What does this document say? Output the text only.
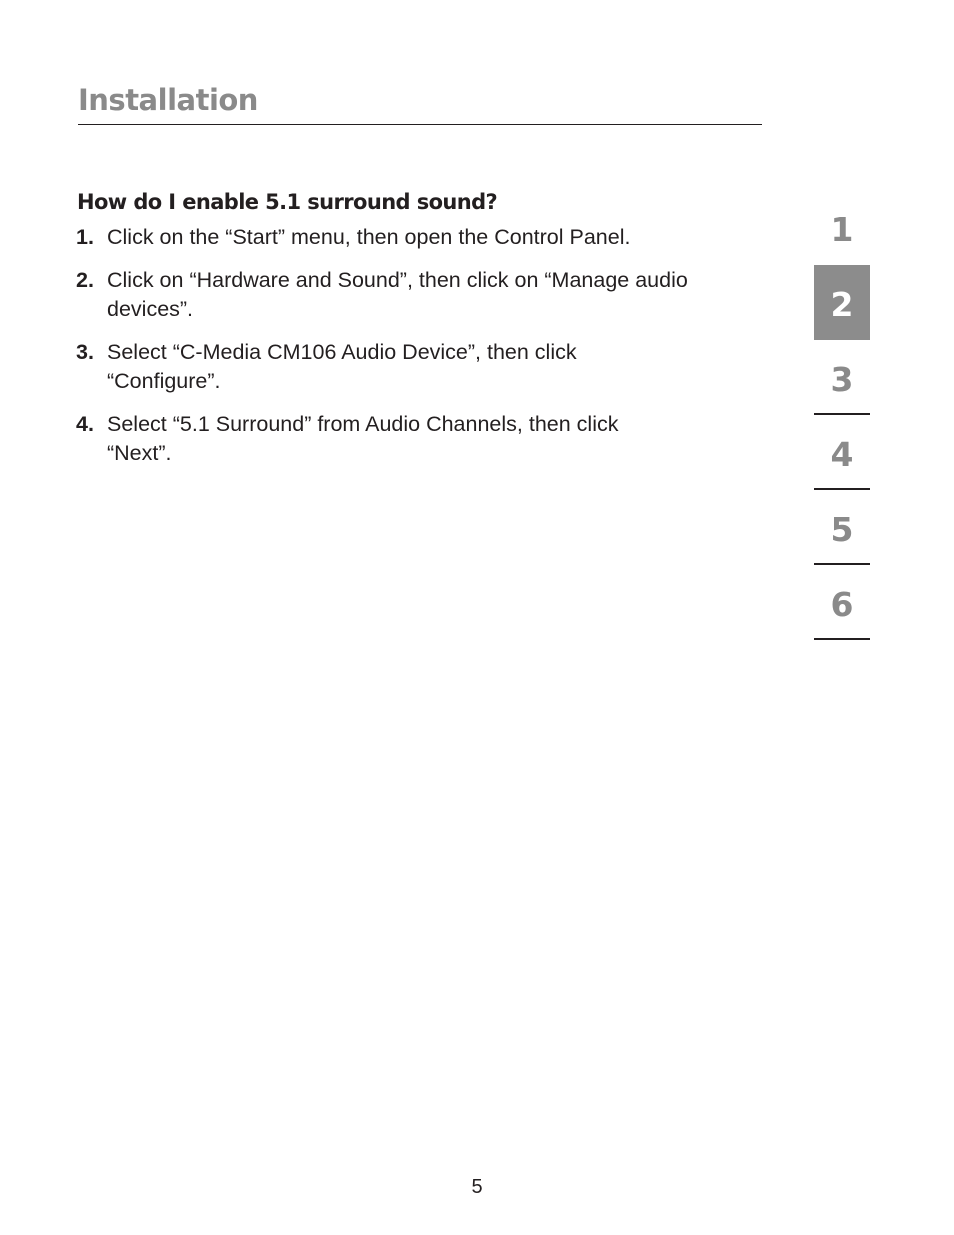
Installation
How do I enable 5.1 surround sound?
1. Click on the “Start” menu, then open the Control Panel.
2. Click on “Hardware and Sound”, then click on “Manage audio devices”.
3. Select “C-Media CM106 Audio Device”, then click “Configure”.
4. Select “5.1 Surround” from Audio Channels, then click “Next”.
1
2
3
4
5
6
5
